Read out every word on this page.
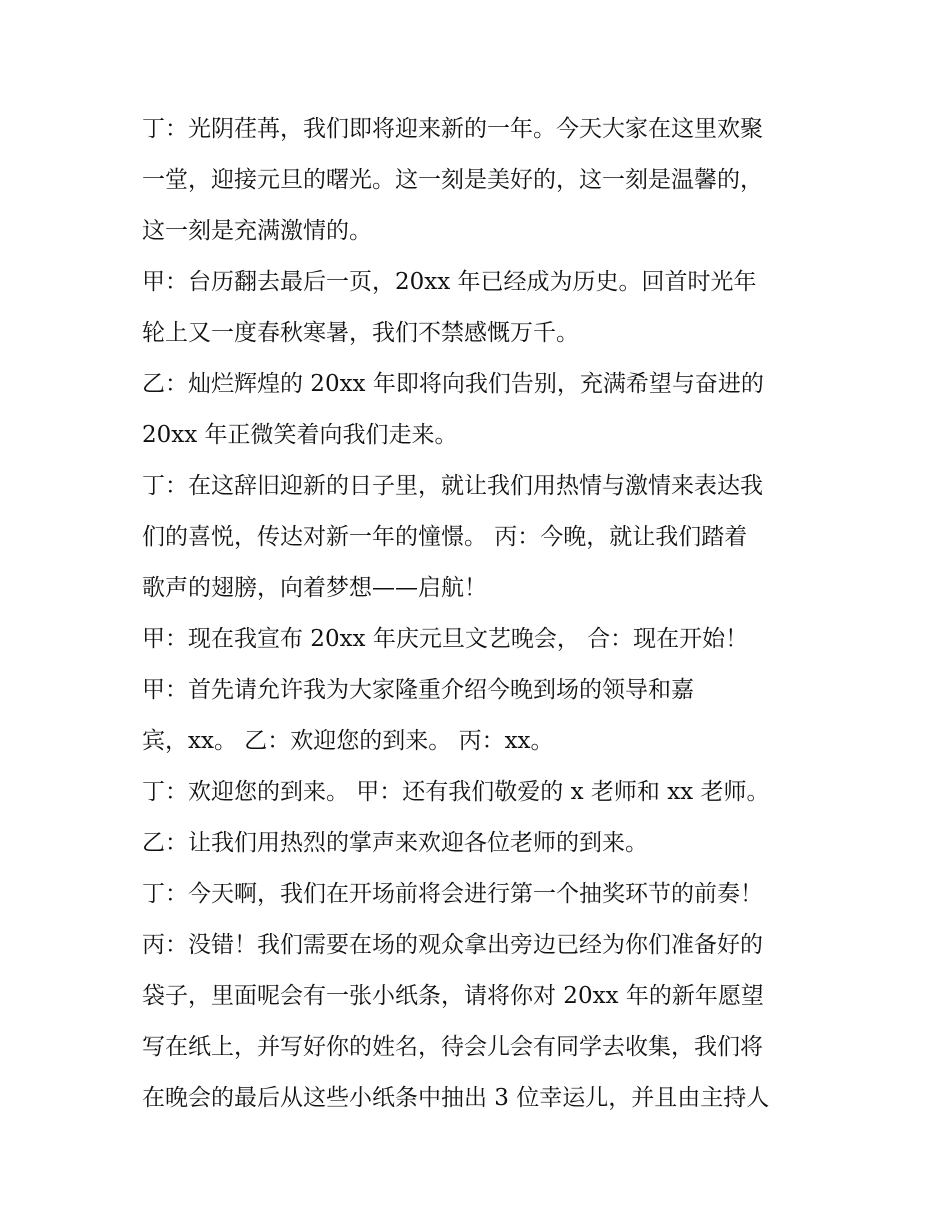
丁：光阴荏苒，我们即将迎来新的一年。今天大家在这里欢聚
一堂，迎接元旦的曙光。这一刻是美好的，这一刻是温馨的，
这一刻是充满激情的。
甲：台历翻去最后一页，20xx 年已经成为历史。回首时光年
轮上又一度春秋寒暑，我们不禁感慨万千。
乙：灿烂辉煌的 20xx 年即将向我们告别，充满希望与奋进的
20xx 年正微笑着向我们走来。
丁：在这辞旧迎新的日子里，就让我们用热情与激情来表达我
们的喜悦，传达对新一年的憧憬。 丙：今晚，就让我们踏着
歌声的翅膀，向着梦想——启航！
甲：现在我宣布 20xx 年庆元旦文艺晚会， 合：现在开始！
甲：首先请允许我为大家隆重介绍今晚到场的领导和嘉
宾，xx。 乙：欢迎您的到来。 丙：xx。
丁：欢迎您的到来。 甲：还有我们敬爱的 x 老师和 xx 老师。
乙：让我们用热烈的掌声来欢迎各位老师的到来。
丁：今天啊，我们在开场前将会进行第一个抽奖环节的前奏！
丙：没错！我们需要在场的观众拿出旁边已经为你们准备好的
袋子，里面呢会有一张小纸条，请将你对 20xx 年的新年愿望
写在纸上，并写好你的姓名，待会儿会有同学去收集，我们将
在晚会的最后从这些小纸条中抽出 3 位幸运儿，并且由主持人
